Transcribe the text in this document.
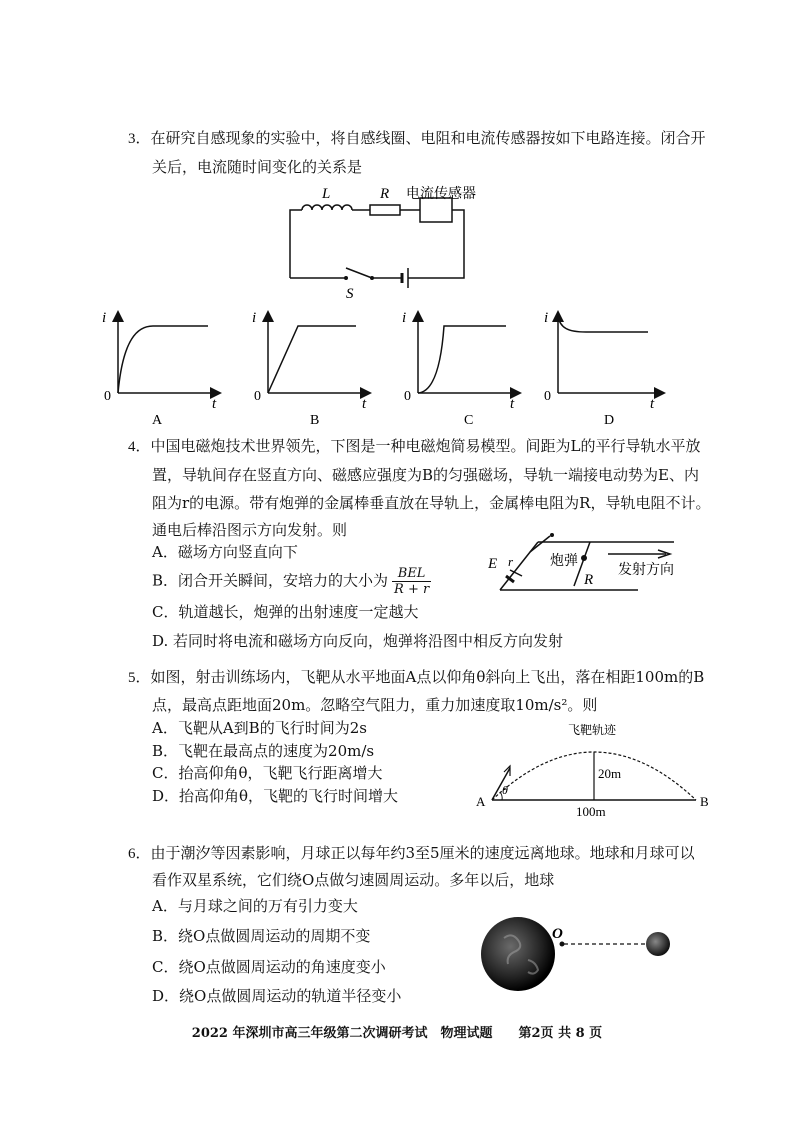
3．在研究自感现象的实验中，将自感线圈、电阻和电流传感器按如下电路连接。闭合开
关后，电流随时间变化的关系是
L	R 电流传感器
S
i
0	t
A
i
0	t
B
i
0	t
C
i
0	t
D
4．中国电磁炮技术世界领先，下图是一种电磁炮简易模型。间距为L的平行导轨水平放
置，导轨间存在竖直方向、磁感应强度为B的匀强磁场，导轨一端接电动势为E、内
阻为r的电源。带有炮弹的金属棒垂直放在导轨上，金属棒电阻为R，导轨电阻不计。
通电后棒沿图示方向发射。则
A．磁场方向竖直向下
B．闭合开关瞬间，安培力的大小为 $\frac{\text{BEL}}{R + r}$
C．轨道越长，炮弹的出射速度一定越大
D. 若同时将电流和磁场方向反向，炮弹将沿图中相反方向发射
E r	炮弹
R
发射方向
5．如图，射击训练场内，飞靶从水平地面A点以仰角θ斜向上飞出，落在相距100m的B
点，最高点距地面20m。忽略空气阻力，重力加速度取10m/s²。则
A．飞靶从A到B的飞行时间为2s
B．飞靶在最高点的速度为20m/s
C．抬高仰角θ，飞靶飞行距离增大
D．抬高仰角θ，飞靶的飞行时间增大
飞靶轨迹
20m
100m
A	B
θ
6．由于潮汐等因素影响，月球正以每年约3至5厘米的速度远离地球。地球和月球可以
看作双星系统，它们绕O点做匀速圆周运动。多年以后，地球
A．与月球之间的万有引力变大
B．绕O点做圆周运动的周期不变
C．绕O点做圆周运动的角速度变小
D．绕O点做圆周运动的轨道半径变小
O
2022 年深圳市高三年级第二次调研考试　物理试题　　第2页 共 8 页
